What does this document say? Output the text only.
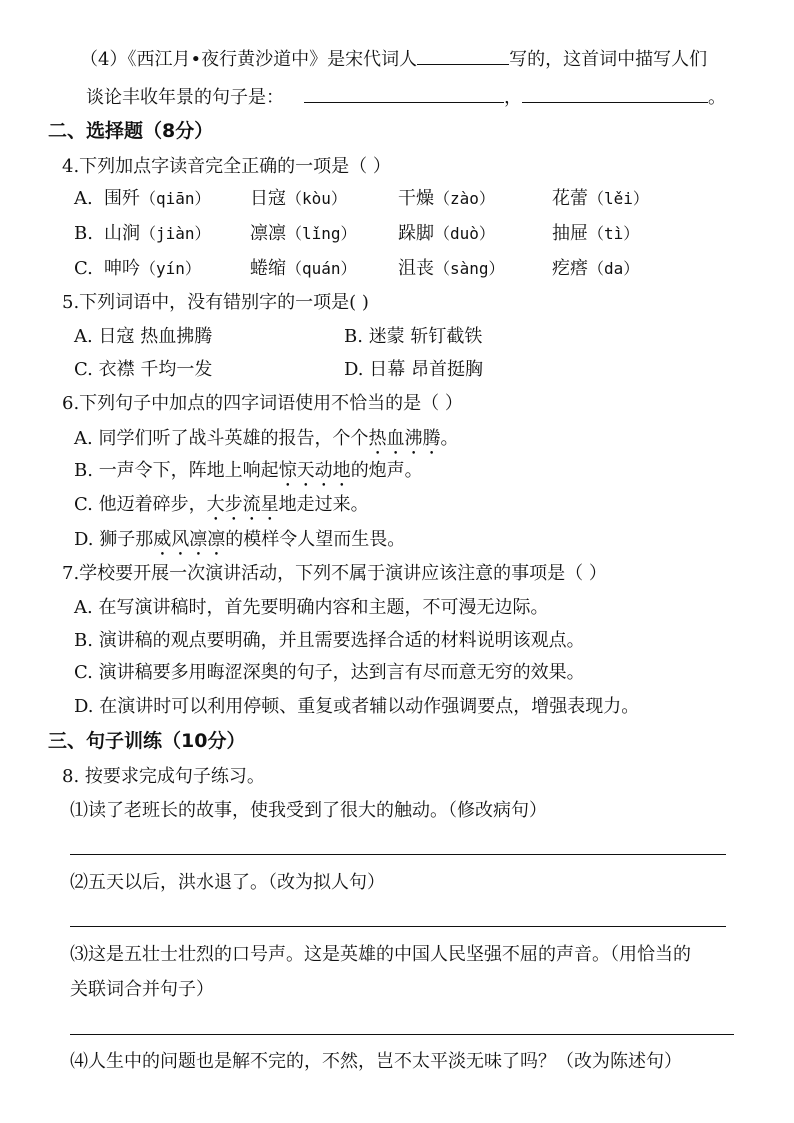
（4）《西江月•夜行黄沙道中》是宋代词人	写的，这首词中描写人们
谈论丰收年景的句子是：	，	。
二、选择题（8分）
4.下列加点字读音完全正确的一项是（ ）
A. 围歼（qiān） 日寇（kòu）	干燥（zào）	花蕾（lěi）
B. 山涧（jiàn） 凛凛（lǐng） 跺脚（duò）	抽屉（tì）
C. 呻吟（yín）	蜷缩（quán） 沮丧（sàng）	疙瘩（da）
5.下列词语中，没有错别字的一项是( )
A. 日寇 热血拂腾	B. 迷蒙 斩钉截铁
C. 衣襟 千均一发	D. 日幕 昂首挺胸
6.下列句子中加点的四字词语使用不恰当的是（ ）
A. 同学们听了战斗英雄的报告，个个热血沸腾。
B. 一声令下，阵地上响起惊天动地的炮声。
C. 他迈着碎步，大步流星地走过来。
D. 狮子那威风凛凛的模样令人望而生畏。
7.学校要开展一次演讲活动，下列不属于演讲应该注意的事项是（ ）
A. 在写演讲稿时，首先要明确内容和主题，不可漫无边际。
B. 演讲稿的观点要明确，并且需要选择合适的材料说明该观点。
C. 演讲稿要多用晦涩深奥的句子，达到言有尽而意无穷的效果。
D. 在演讲时可以利用停顿、重复或者辅以动作强调要点，增强表现力。
三、句子训练（10分）
8. 按要求完成句子练习。
⑴读了老班长的故事，使我受到了很大的触动。（修改病句）
⑵五天以后，洪水退了。（改为拟人句）
⑶这是五壮士壮烈的口号声。这是英雄的中国人民坚强不屈的声音。（用恰当的
关联词合并句子）
⑷人生中的问题也是解不完的，不然，岂不太平淡无味了吗？（改为陈述句）
